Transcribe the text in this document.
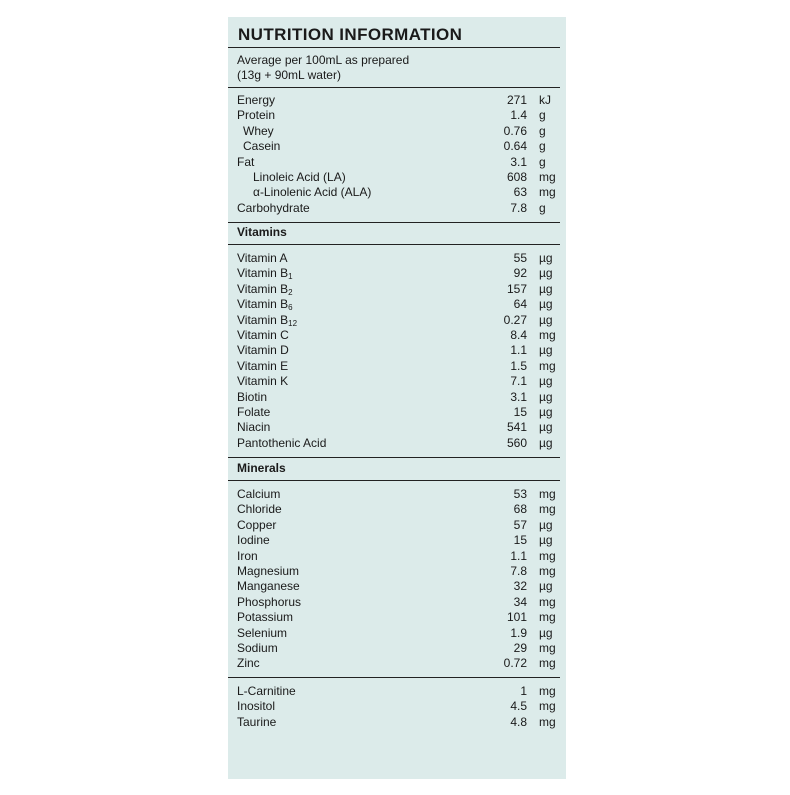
NUTRITION INFORMATION
Average per 100mL as prepared
(13g + 90mL water)
Energy	271 kJ
Protein	1.4 g
Whey	0.76 g
Casein	0.64 g
Fat	3.1 g
Linoleic Acid (LA)	608 mg
α-Linolenic Acid (ALA)	63 mg
Carbohydrate	7.8 g
Vitamins
Vitamin A	55 µg
Vitamin $B_1$	92 µg
Vitamin $B_2$	157 µg
Vitamin $B_6$	64 µg
Vitamin $B_{12}$	0.27 µg
Vitamin C	8.4 mg
Vitamin D	1.1 µg
Vitamin E	1.5 mg
Vitamin K	7.1 µg
Biotin	3.1 µg
Folate	15 µg
Niacin	541 µg
Pantothenic Acid	560 µg
Minerals
Calcium	53 mg
Chloride	68 mg
Copper	57 µg
Iodine	15 µg
Iron	1.1 mg
Magnesium	7.8 mg
Manganese	32 µg
Phosphorus	34 mg
Potassium	101 mg
Selenium	1.9 µg
Sodium	29 mg
Zinc	0.72 mg
L-Carnitine	1 mg
Inositol	4.5 mg
Taurine	4.8 mg
